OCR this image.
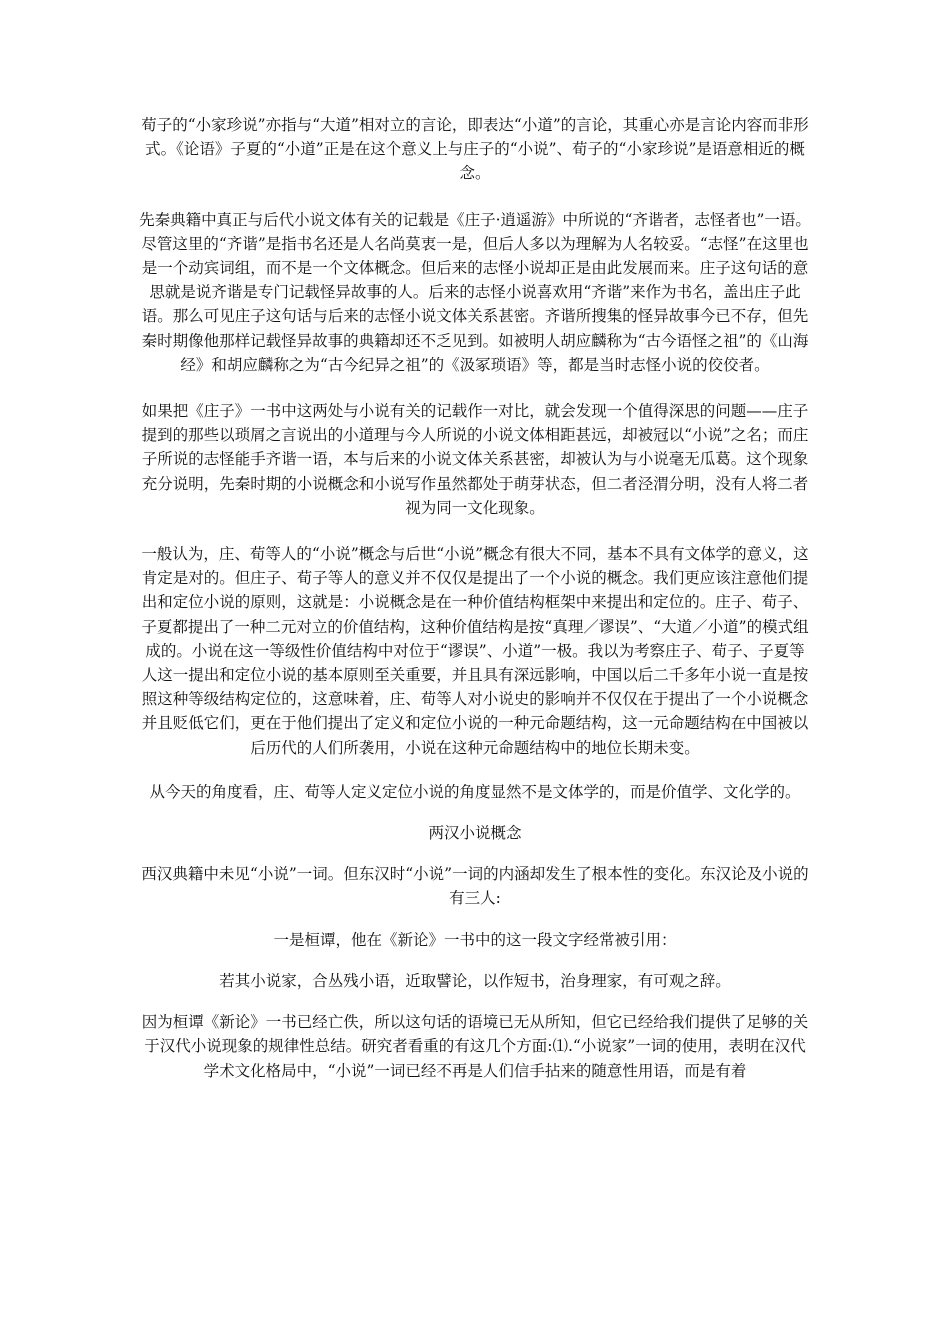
荀子的“小家珍说”亦指与“大道”相对立的言论，即表达“小道”的言论，其重心亦是言论内容而非形式。《论语》子夏的“小道”正是在这个意义上与庄子的“小说”、荀子的“小家珍说”是语意相近的概念。

先秦典籍中真正与后代小说文体有关的记载是《庄子·逍遥游》中所说的“齐谐者，志怪者也”一语。尽管这里的“齐谐”是指书名还是人名尚莫衷一是，但后人多以为理解为人名较妥。“志怪”在这里也是一个动宾词组，而不是一个文体概念。但后来的志怪小说却正是由此发展而来。庄子这句话的意思就是说齐谐是专门记载怪异故事的人。后来的志怪小说喜欢用“齐谐”来作为书名，盖出庄子此语。那么可见庄子这句话与后来的志怪小说文体关系甚密。齐谐所搜集的怪异故事今已不存，但先秦时期像他那样记载怪异故事的典籍却还不乏见到。如被明人胡应麟称为“古今语怪之祖”的《山海经》和胡应麟称之为“古今纪异之祖”的《汲冢琐语》等，都是当时志怪小说的佼佼者。

如果把《庄子》一书中这两处与小说有关的记载作一对比，就会发现一个值得深思的问题——庄子提到的那些以琐屑之言说出的小道理与今人所说的小说文体相距甚远，却被冠以“小说”之名；而庄子所说的志怪能手齐谐一语，本与后来的小说文体关系甚密，却被认为与小说毫无瓜葛。这个现象充分说明，先秦时期的小说概念和小说写作虽然都处于萌芽状态，但二者泾渭分明，没有人将二者视为同一文化现象。

一般认为，庄、荀等人的“小说”概念与后世“小说”概念有很大不同，基本不具有文体学的意义，这肯定是对的。但庄子、荀子等人的意义并不仅仅是提出了一个小说的概念。我们更应该注意他们提出和定位小说的原则，这就是：小说概念是在一种价值结构框架中来提出和定位的。庄子、荀子、子夏都提出了一种二元对立的价值结构，这种价值结构是按“真理／谬误”、“大道／小道”的模式组成的。小说在这一等级性价值结构中对位于“谬误”、小道”一极。我以为考察庄子、荀子、子夏等人这一提出和定位小说的基本原则至关重要，并且具有深远影响，中国以后二千多年小说一直是按照这种等级结构定位的，这意味着，庄、荀等人对小说史的影响并不仅仅在于提出了一个小说概念并且贬低它们，更在于他们提出了定义和定位小说的一种元命题结构，这一元命题结构在中国被以后历代的人们所袭用，小说在这种元命题结构中的地位长期未变。

从今天的角度看，庄、荀等人定义定位小说的角度显然不是文体学的，而是价值学、文化学的。

两汉小说概念

西汉典籍中未见“小说”一词。但东汉时“小说”一词的内涵却发生了根本性的变化。东汉论及小说的有三人:

一是桓谭，他在《新论》一书中的这一段文字经常被引用：

若其小说家，合丛残小语，近取譬论，以作短书，治身理家，有可观之辞。

因为桓谭《新论》一书已经亡佚，所以这句话的语境已无从所知，但它已经给我们提供了足够的关于汉代小说现象的规律性总结。研究者看重的有这几个方面:⑴.“小说家”一词的使用，表明在汉代学术文化格局中，“小说”一词已经不再是人们信手拈来的随意性用语，而是有着
